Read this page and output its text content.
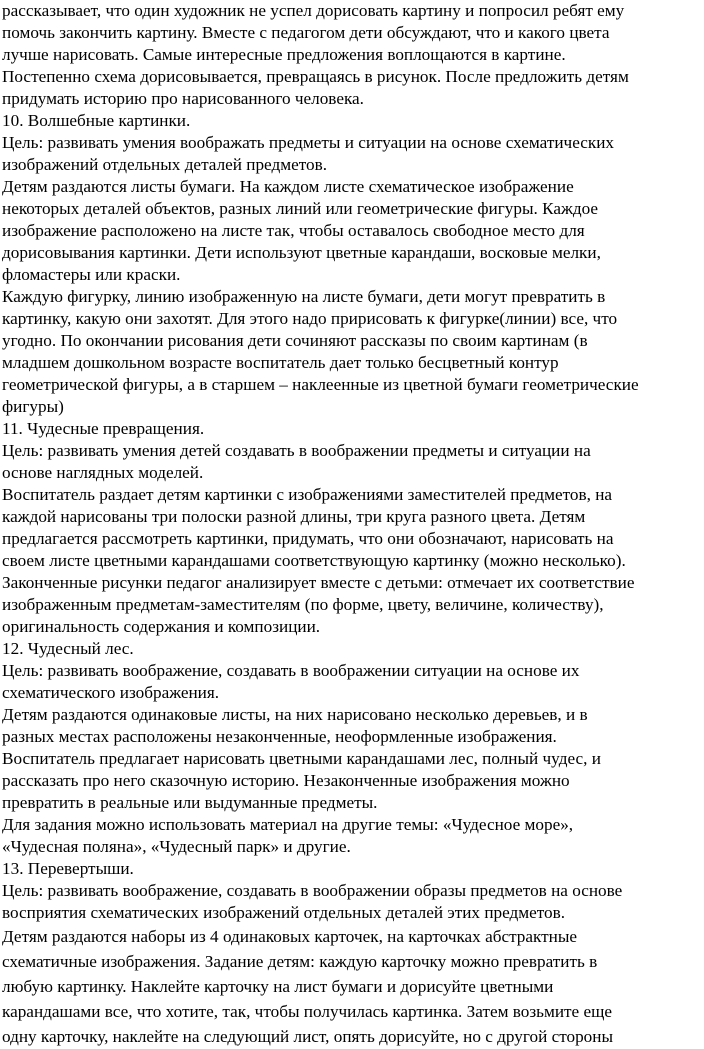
рассказывает, что один художник не успел дорисовать картину и попросил ребят ему
помочь закончить картину. Вместе с педагогом дети обсуждают, что и какого цвета
лучше нарисовать. Самые интересные предложения воплощаются в картине.
Постепенно схема дорисовывается, превращаясь в рисунок. После предложить детям
придумать историю про нарисованного человека.
10. Волшебные картинки.
Цель: развивать умения воображать предметы и ситуации на основе схематических
изображений отдельных деталей предметов.
Детям раздаются листы бумаги. На каждом листе схематическое изображение
некоторых деталей объектов, разных линий или геометрические фигуры. Каждое
изображение расположено на листе так, чтобы оставалось свободное место для
дорисовывания картинки. Дети используют цветные карандаши, восковые мелки,
фломастеры или краски.
Каждую фигурку, линию изображенную на листе бумаги, дети могут превратить в
картинку, какую они захотят. Для этого надо пририсовать к фигурке(линии) все, что
угодно. По окончании рисования дети сочиняют рассказы по своим картинам (в
младшем дошкольном возрасте воспитатель дает только бесцветный контур
геометрической фигуры, а в старшем – наклеенные из цветной бумаги геометрические
фигуры)
11. Чудесные превращения.
Цель: развивать умения детей создавать в воображении предметы и ситуации на
основе наглядных моделей.
Воспитатель раздает детям картинки с изображениями заместителей предметов, на
каждой нарисованы три полоски разной длины, три круга разного цвета. Детям
предлагается рассмотреть картинки, придумать, что они обозначают, нарисовать на
своем листе цветными карандашами соответствующую картинку (можно несколько).
Законченные рисунки педагог анализирует вместе с детьми: отмечает их соответствие
изображенным предметам-заместителям (по форме, цвету, величине, количеству),
оригинальность содержания и композиции.
12. Чудесный лес.
Цель: развивать воображение, создавать в воображении ситуации на основе их
схематического изображения.
Детям раздаются одинаковые листы, на них нарисовано несколько деревьев, и в
разных местах расположены незаконченные, неоформленные изображения.
Воспитатель предлагает нарисовать цветными карандашами лес, полный чудес, и
рассказать про него сказочную историю. Незаконченные изображения можно
превратить в реальные или выдуманные предметы.
Для задания можно использовать материал на другие темы: «Чудесное море»,
«Чудесная поляна», «Чудесный парк» и другие.
13. Перевертыши.
Цель: развивать воображение, создавать в воображении образы предметов на основе
восприятия схематических изображений отдельных деталей этих предметов.
Детям раздаются наборы из 4 одинаковых карточек, на карточках абстрактные
схематичные изображения. Задание детям: каждую карточку можно превратить в
любую картинку. Наклейте карточку на лист бумаги и дорисуйте цветными
карандашами все, что хотите, так, чтобы получилась картинка. Затем возьмите еще
одну карточку, наклейте на следующий лист, опять дорисуйте, но с другой стороны
